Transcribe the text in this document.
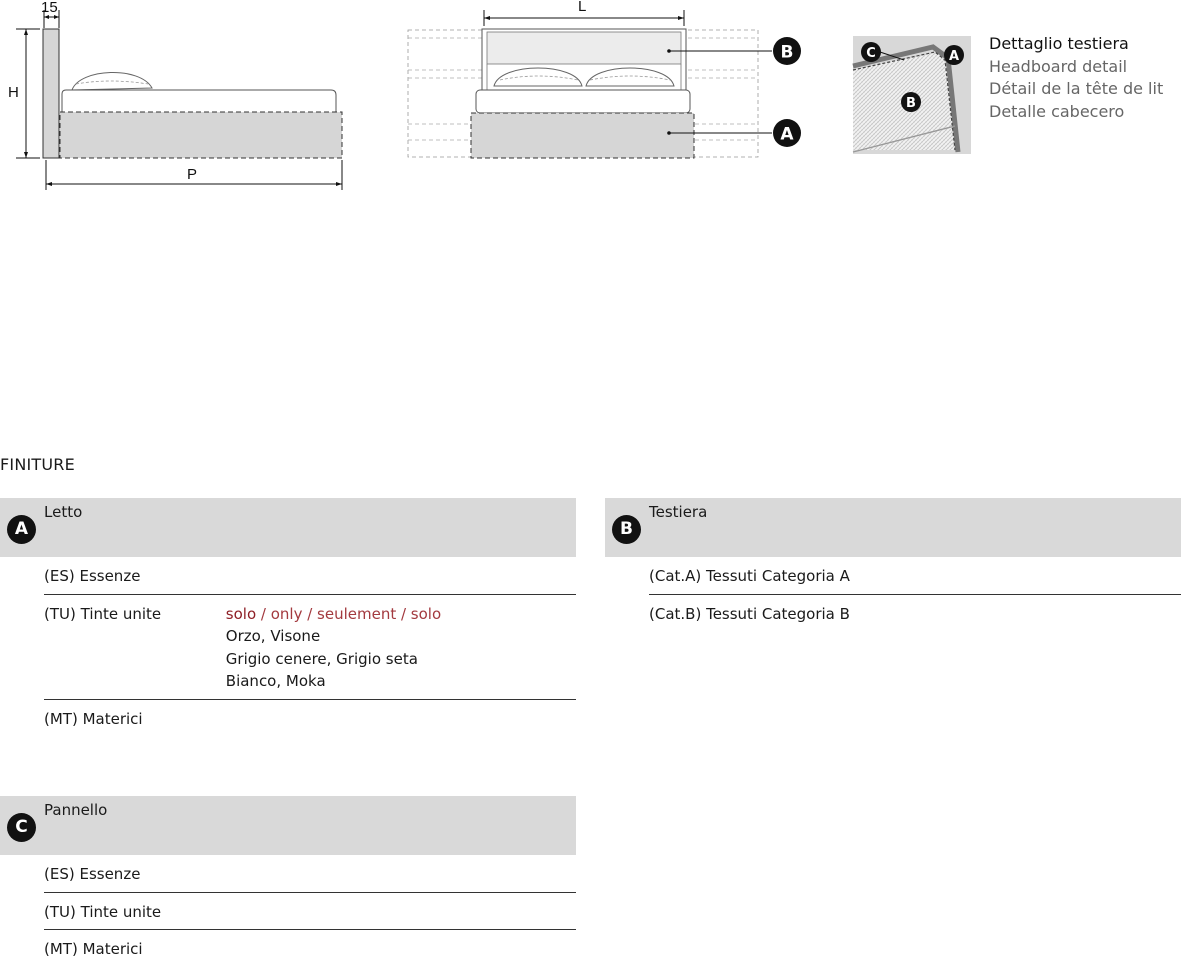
15
H
P
L
B
A
C	A
B
Dettaglio testiera
Headboard detail
Détail de la tête de lit
Detalle cabecero
FINITURE
A
Letto
(ES) Essenze
(TU) Tinte unite	solo / only / seulement / solo
Orzo, Visone
Grigio cenere, Grigio seta
Bianco, Moka
(MT) Materici
B
Testiera
(Cat.A) Tessuti Categoria A
(Cat.B) Tessuti Categoria B
C
Pannello
(ES) Essenze
(TU) Tinte unite
(MT) Materici
